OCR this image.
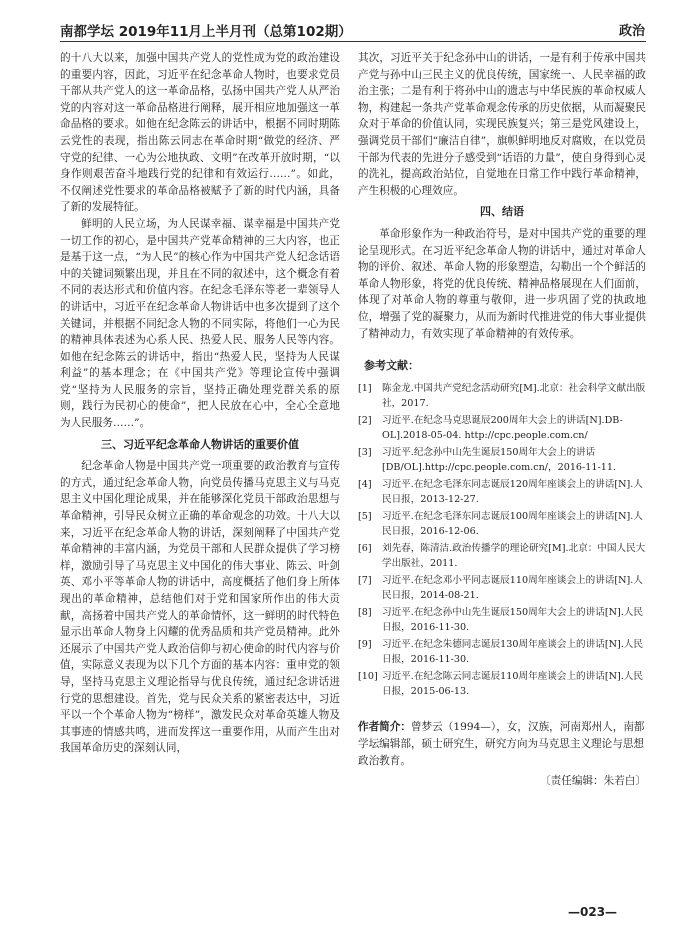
南都学坛 2019年11月上半月刊（总第102期）	政治

的十八大以来，加强中国共产党人的党性成为党的政治建设的重要内容，因此，习近平在纪念革命人物时，也要求党员干部从共产党人的这一革命品格，弘扬中国共产党人从严治党的内容对这一革命品格进行阐释，展开相应地加强这一革命品格的要求。如他在纪念陈云的讲话中，根据不同时期陈云党性的表现，指出陈云同志在革命时期“做党的经济、严守党的纪律、一心为公地执政、文明”在改革开放时期，“以身作则艰苦奋斗地践行党的纪律和有效运行……”。如此，不仅阐述党性要求的革命品格被赋予了新的时代内涵，具备了新的发展特征。

鲜明的人民立场，为人民谋幸福、谋幸福是中国共产党一切工作的初心，是中国共产党革命精神的三大内容，也正是基于这一点，“为人民”的核心作为中国共产党人纪念话语中的关键词频繁出现，并且在不同的叙述中，这个概念有着不同的表达形式和价值内容。在纪念毛泽东等老一辈领导人的讲话中，习近平在纪念革命人物讲话中也多次提到了这个关键词，并根据不同纪念人物的不同实际，将他们一心为民的精神具体表述为心系人民、热爱人民、服务人民等内容。如他在纪念陈云的讲话中，指出“热爱人民，坚持为人民谋利益”的基本理念；在《中国共产党》等理论宣传中强调党“坚持为人民服务的宗旨，坚持正确处理党群关系的原则，践行为民初心的使命”，把人民放在心中，全心全意地为人民服务……”。

三、习近平纪念革命人物讲话的重要价值

纪念革命人物是中国共产党一项重要的政治教育与宣传的方式，通过纪念革命人物，向党员传播马克思主义与马克思主义中国化理论成果，并在能够深化党员干部政治思想与革命精神，引导民众树立正确的革命观念的功效。十八大以来，习近平在纪念革命人物的讲话，深刻阐释了中国共产党革命精神的丰富内涵，为党员干部和人民群众提供了学习榜样，激励引导了马克思主义中国化的伟大事业、陈云、叶剑英、邓小平等革命人物的讲话中，高度概括了他们身上所体现出的革命精神，总结他们对于党和国家所作出的伟大贡献，高扬着中国共产党人的革命情怀，这一鲜明的时代特色显示出革命人物身上闪耀的优秀品质和共产党员精神。此外还展示了中国共产党人政治信仰与初心使命的时代内容与价值，实际意义表现为以下几个方面的基本内容：重申党的领导，坚持马克思主义理论指导与优良传统，通过纪念讲话进行党的思想建设。首先，党与民众关系的紧密表达中，习近平以一个个革命人物为“榜样”，激发民众对革命英雄人物及其事迹的情感共鸣，进而发挥这一重要作用，从而产生出对我国革命历史的深刻认同，

其次，习近平关于纪念孙中山的讲话，一是有利于传承中国共产党与孙中山三民主义的优良传统，国家统一、人民幸福的政治主张；二是有利于将孙中山的遗志与中华民族的革命权威人物，构建起一条共产党革命观念传承的历史依据，从而凝聚民众对于革命的价值认同，实现民族复兴；第三是党风建设上，强调党员干部们“廉洁自律”，旗帜鲜明地反对腐败，在以党员干部为代表的先进分子感受到“话语的力量”，使自身得到心灵的洗礼，提高政治站位，自觉地在日常工作中践行革命精神，产生积极的心理效应。

四、结语

革命形象作为一种政治符号，是对中国共产党的重要的理论呈现形式。在习近平纪念革命人物的讲话中，通过对革命人物的评价、叙述、革命人物的形象塑造，勾勒出一个个鲜活的革命人物形象，将党的优良传统、精神品格展现在人们面前，体现了对革命人物的尊重与敬仰，进一步巩固了党的执政地位，增强了党的凝聚力，从而为新时代推进党的伟大事业提供了精神动力，有效实现了革命精神的有效传承。

参考文献：
[1] 陈金龙.中国共产党纪念活动研究[M].北京：社会科学文献出版社，2017.
[2] 习近平.在纪念马克思诞辰200周年大会上的讲话[N].DB-OL].2018-05-04. http://cpc.people.com.cn/
[3] 习近平.纪念孙中山先生诞辰150周年大会上的讲话[DB/OL].http://cpc.people.com.cn/，2016-11-11.
[4] 习近平.在纪念毛泽东同志诞辰120周年座谈会上的讲话[N].人民日报，2013-12-27.
[5] 习近平.在纪念毛泽东同志诞辰100周年座谈会上的讲话[N].人民日报，2016-12-06.
[6] 刘先春，陈清洁.政治传播学的理论研究[M].北京：中国人民大学出版社，2011.
[7] 习近平.在纪念邓小平同志诞辰110周年座谈会上的讲话[N].人民日报，2014-08-21.
[8] 习近平.在纪念孙中山先生诞辰150周年大会上的讲话[N].人民日报，2016-11-30.
[9] 习近平.在纪念朱德同志诞辰130周年座谈会上的讲话[N].人民日报，2016-11-30.
[10] 习近平.在纪念陈云同志诞辰110周年座谈会上的讲话[N].人民日报，2015-06-13.
作者简介：曾梦云（1994—），女，汉族，河南郑州人，南都学坛编辑部，硕士研究生，研究方向为马克思主义理论与思想政治教育。
〔责任编辑：朱若白〕
—023—
